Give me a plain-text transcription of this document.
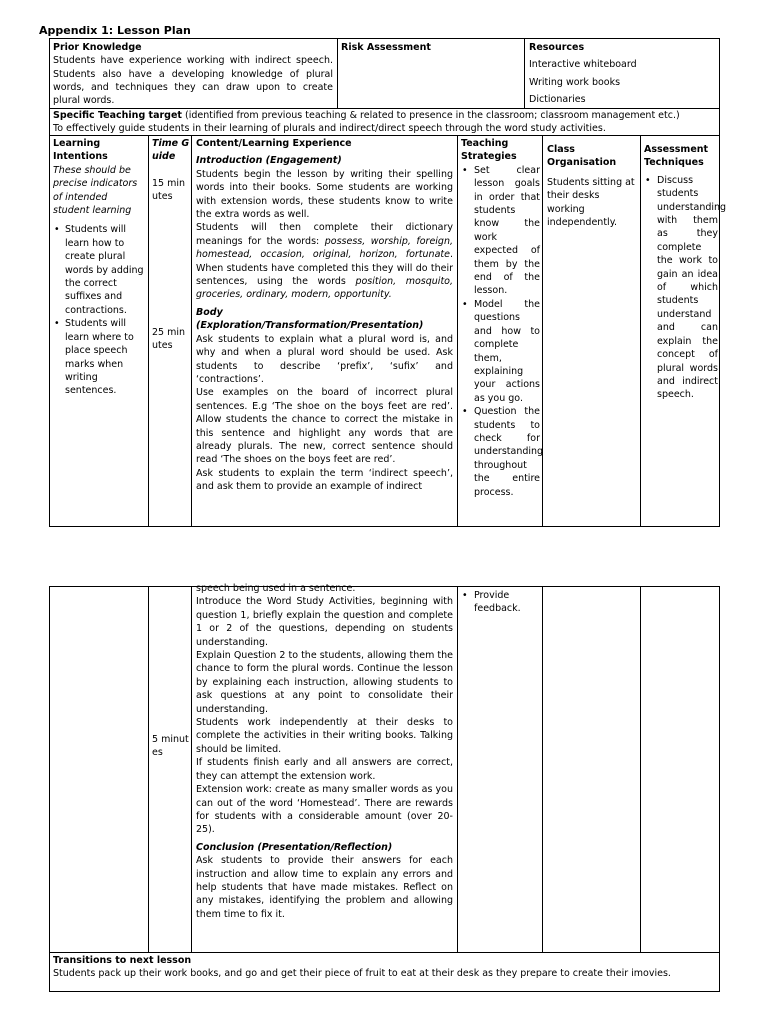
Appendix 1: Lesson Plan
Prior Knowledge
Students have experience working with indirect speech. Students also have a developing knowledge of plural words, and techniques they can draw upon to create plural words.
Risk Assessment	Resources
Interactive whiteboard
Writing work books
Dictionaries
Specific Teaching target (identified from previous teaching & related to presence in the classroom; classroom management etc.)
To effectively guide students in their learning of plurals and indirect/direct speech through the word study activities.
Learning Intentions
These should be precise indicators of intended student learning
• Students will learn how to create plural words by adding the correct suffixes and contractions.
• Students will learn where to place speech marks when writing sentences.
Time Guide
15 minutes
25 minutes
Content/Learning Experience
Introduction (Engagement)
Students begin the lesson by writing their spelling words into their books. Some students are working with extension words, these students know to write the extra words as well.
Students will then complete their dictionary meanings for the words: possess, worship, foreign, homestead, occasion, original, horizon, fortunate. When students have completed this they will do their sentences, using the words position, mosquito, groceries, ordinary, modern, opportunity.
Body (Exploration/Transformation/Presentation)
Ask students to explain what a plural word is, and why and when a plural word should be used. Ask students to describe ‘prefix’, ‘sufix’ and ‘contractions’.
Use examples on the board of incorrect plural sentences. E.g ‘The shoe on the boys feet are red’. Allow students the chance to correct the mistake in this sentence and highlight any words that are already plurals. The new, correct sentence should read ‘The shoes on the boys feet are red’.
Ask students to explain the term ‘indirect speech’, and ask them to provide an example of indirect
Teaching Strategies
• Set clear lesson goals in order that students know the work expected of them by the end of the lesson.
• Model the questions and how to complete them, explaining your actions as you go.
• Question the students to check for understanding throughout the entire process.
Class Organisation
Students sitting at their desks working independently.
Assessment Techniques
• Discuss students understanding with them as they complete the work to gain an idea of which students understand and can explain the concept of plural words and indirect speech.
5 minutes
speech being used in a sentence.
Introduce the Word Study Activities, beginning with question 1, briefly explain the question and complete 1 or 2 of the questions, depending on students understanding.
Explain Question 2 to the students, allowing them the chance to form the plural words. Continue the lesson by explaining each instruction, allowing students to ask questions at any point to consolidate their understanding.
Students work independently at their desks to complete the activities in their writing books. Talking should be limited.
If students finish early and all answers are correct, they can attempt the extension work.
Extension work: create as many smaller words as you can out of the word ‘Homestead’. There are rewards for students with a considerable amount (over 20-25).
Conclusion (Presentation/Reflection)
Ask students to provide their answers for each instruction and allow time to explain any errors and help students that have made mistakes. Reflect on any mistakes, identifying the problem and allowing them time to fix it.
• Provide feedback.
Transitions to next lesson
Students pack up their work books, and go and get their piece of fruit to eat at their desk as they prepare to create their imovies.
